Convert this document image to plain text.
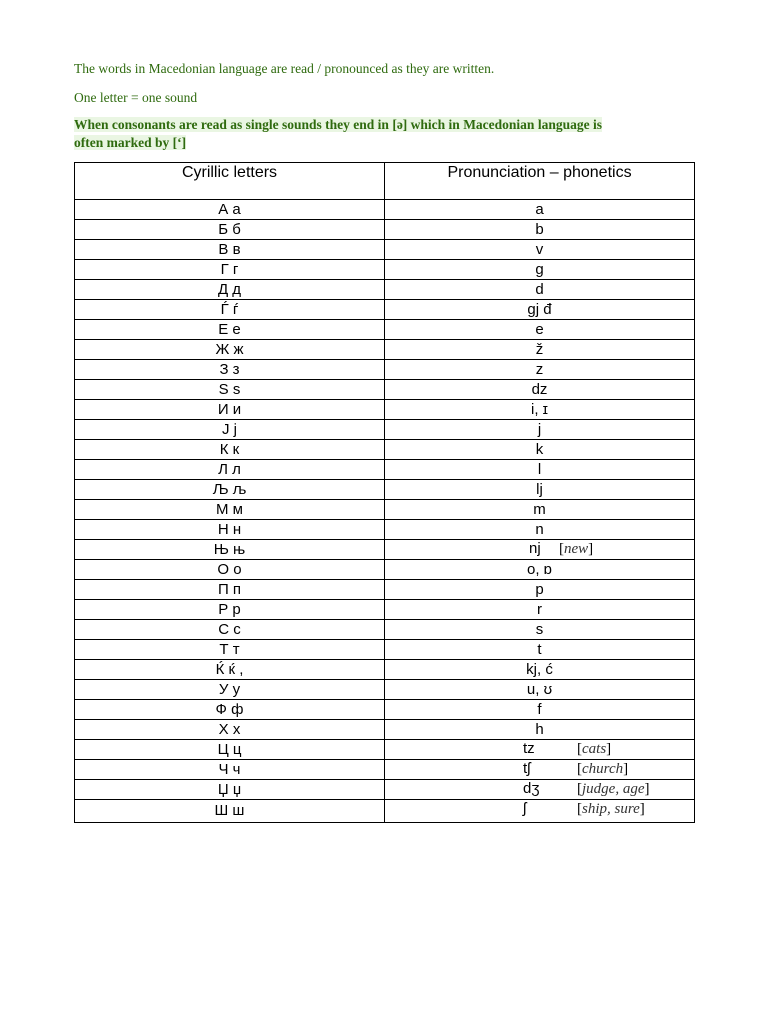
The words in Macedonian language are read / pronounced as they are written.
One letter = one sound
When consonants are read as single sounds they end in [ə] which in Macedonian language is
often marked by [‘]
Cyrillic letters	Pronunciation – phonetics
А а	a
Б б	b
В в	v
Г г	g
Д д	d
Ѓ ѓ	gj đ
Е е	e
Ж ж	ž
З з	z
Ѕ ѕ	dz
И и	i, ɪ
Ј ј	j
К к	k
Л л	l
Љ љ	lj
М м	m
Н н	n
Њ њ	nj [new]

О о	o, ɒ
П п	p
Р р	r
С с	s
Т т	t
Ќ ќ ,	kj, ć
У у	u, ʊ
Ф ф	f
Х х	h
Ц ц	tz [cats]

Ч ч	tʃ [church]

Џ џ	dʒ [judge, age]

Ш ш	ʃ [ship, sure]
